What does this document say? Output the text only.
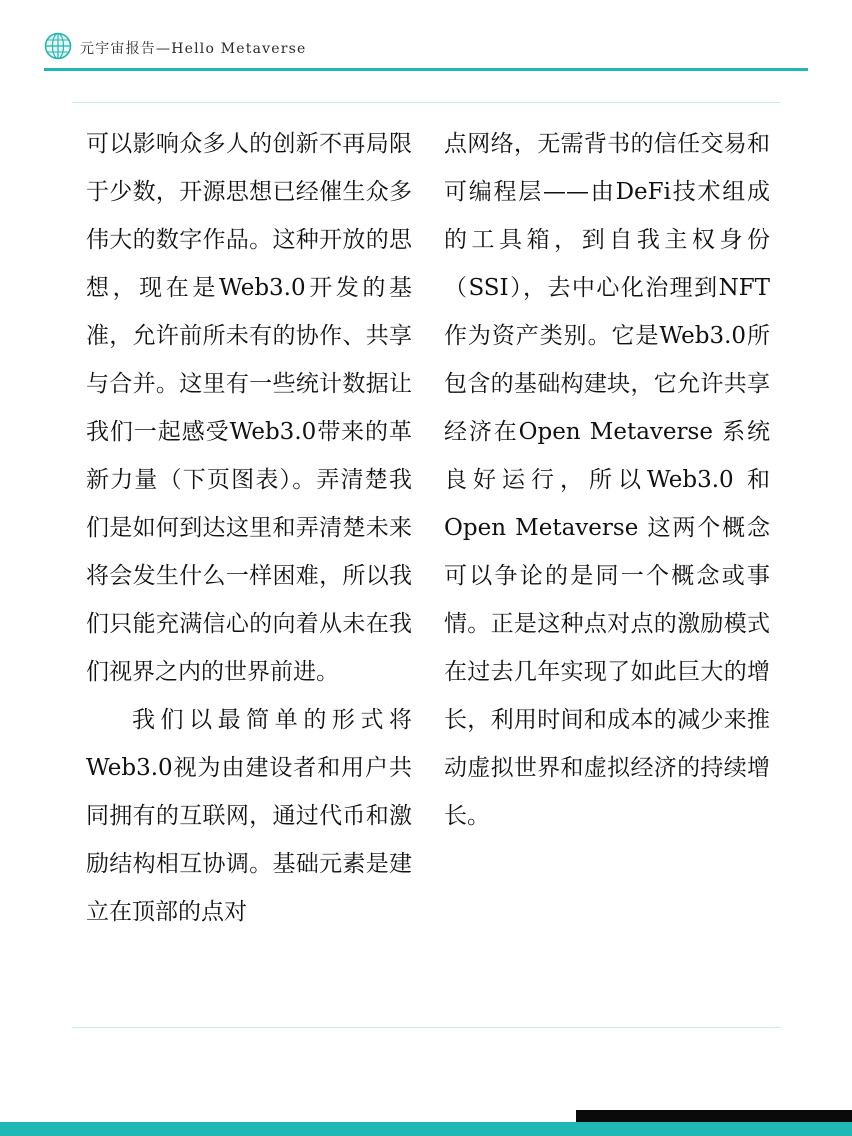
元宇宙报告—Hello Metaverse

可以影响众多人的创新不再局限于少数，开源思想已经催生众多伟大的数字作品。这种开放的思想，现在是Web3.0开发的基准，允许前所未有的协作、共享与合并。这里有一些统计数据让我们一起感受Web3.0带来的革新力量（下页图表）。弄清楚我们是如何到达这里和弄清楚未来将会发生什么一样困难，所以我们只能充满信心的向着从未在我们视界之内的世界前进。

我们以最简单的形式将Web3.0视为由建设者和用户共同拥有的互联网，通过代币和激励结构相互协调。基础元素是建立在顶部的点对

点网络，无需背书的信任交易和可编程层——由DeFi技术组成的工具箱，到自我主权身份（SSI），去中心化治理到NFT作为资产类别。它是Web3.0所包含的基础构建块，它允许共享经济在Open Metaverse 系统良好运行，所以Web3.0 和 Open Metaverse 这两个概念可以争论的是同一个概念或事情。正是这种点对点的激励模式在过去几年实现了如此巨大的增长，利用时间和成本的减少来推动虚拟世界和虚拟经济的持续增长。
